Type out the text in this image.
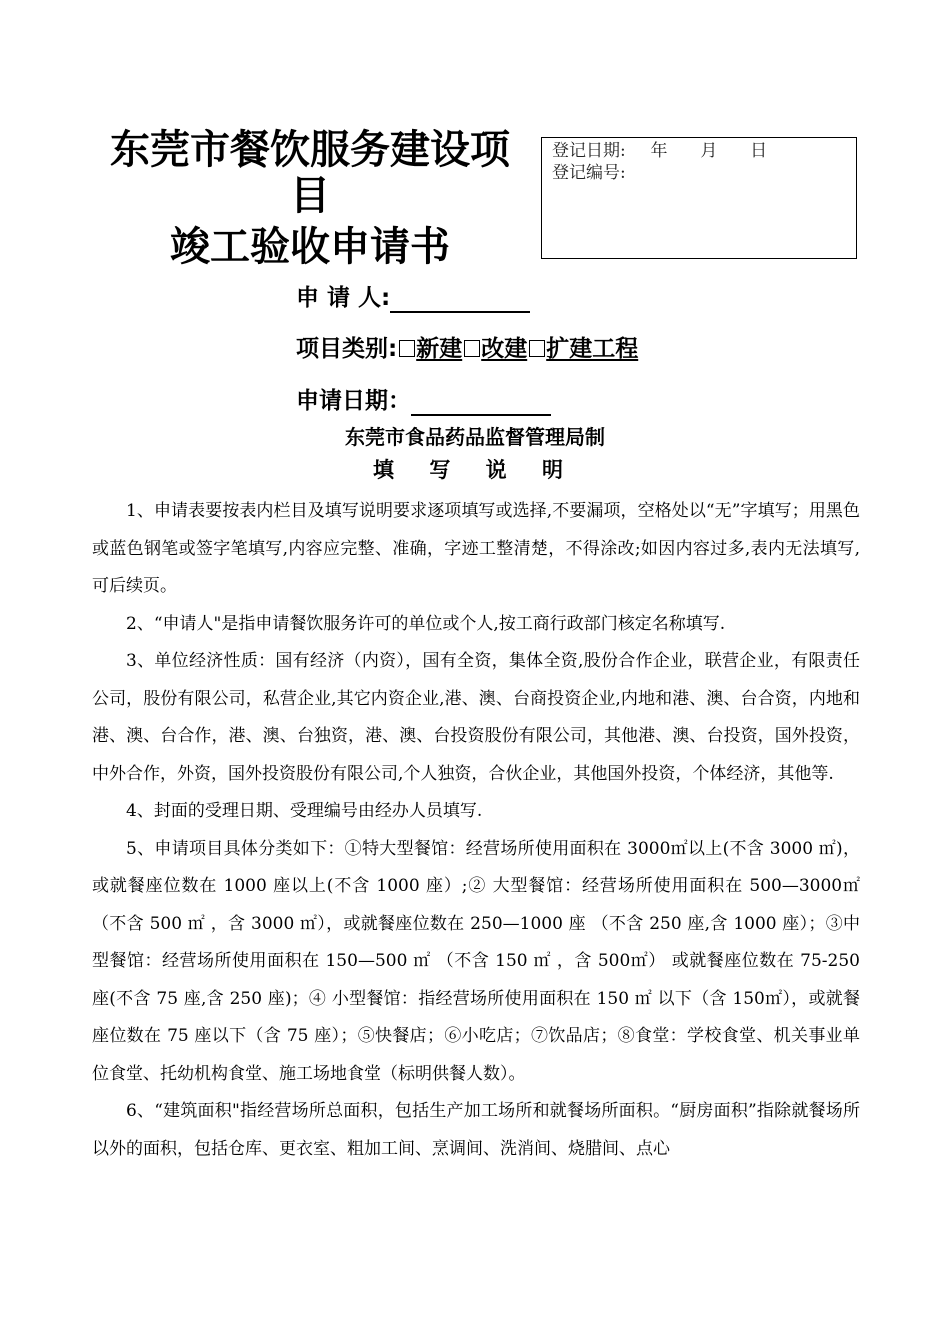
东莞市餐饮服务建设项
目
竣工验收申请书
登记日期: 年 月 日
登记编号:
申 请 人:
项目类别: 新建 改建 扩建工程
申请日期：
东莞市食品药品监督管理局制
填 写 说 明

1、申请表要按表内栏目及填写说明要求逐项填写或选择,不要漏项，空格处以“无”字填写；用黑色或蓝色钢笔或签字笔填写,内容应完整、准确，字迹工整清楚，不得涂改;如因内容过多,表内无法填写,可后续页。

2、“申请人"是指申请餐饮服务许可的单位或个人,按工商行政部门核定名称填写.

3、单位经济性质：国有经济（内资），国有全资，集体全资,股份合作企业，联营企业，有限责任公司，股份有限公司，私营企业,其它内资企业,港、澳、台商投资企业,内地和港、澳、台合资，内地和港、澳、台合作，港、澳、台独资，港、澳、台投资股份有限公司，其他港、澳、台投资，国外投资，中外合作，外资，国外投资股份有限公司,个人独资，合伙企业，其他国外投资，个体经济，其他等.

4、封面的受理日期、受理编号由经办人员填写.

5、申请项目具体分类如下：①特大型餐馆：经营场所使用面积在 3000㎡以上(不含 3000 ㎡)，或就餐座位数在 1000 座以上(不含 1000 座）;② 大型餐馆：经营场所使用面积在 500—3000㎡（不含 500 ㎡ ，含 3000 ㎡），或就餐座位数在 250—1000 座 （不含 250 座,含 1000 座）；③中型餐馆：经营场所使用面积在 150—500 ㎡ （不含 150 ㎡ ，含 500㎡） 或就餐座位数在 75-250 座(不含 75 座,含 250 座)；④ 小型餐馆：指经营场所使用面积在 150 ㎡ 以下（含 150㎡），或就餐座位数在 75 座以下（含 75 座）；⑤快餐店；⑥小吃店；⑦饮品店；⑧食堂：学校食堂、机关事业单位食堂、托幼机构食堂、施工场地食堂（标明供餐人数）。

6、“建筑面积"指经营场所总面积，包括生产加工场所和就餐场所面积。“厨房面积”指除就餐场所以外的面积，包括仓库、更衣室、粗加工间、烹调间、洗消间、烧腊间、点心
